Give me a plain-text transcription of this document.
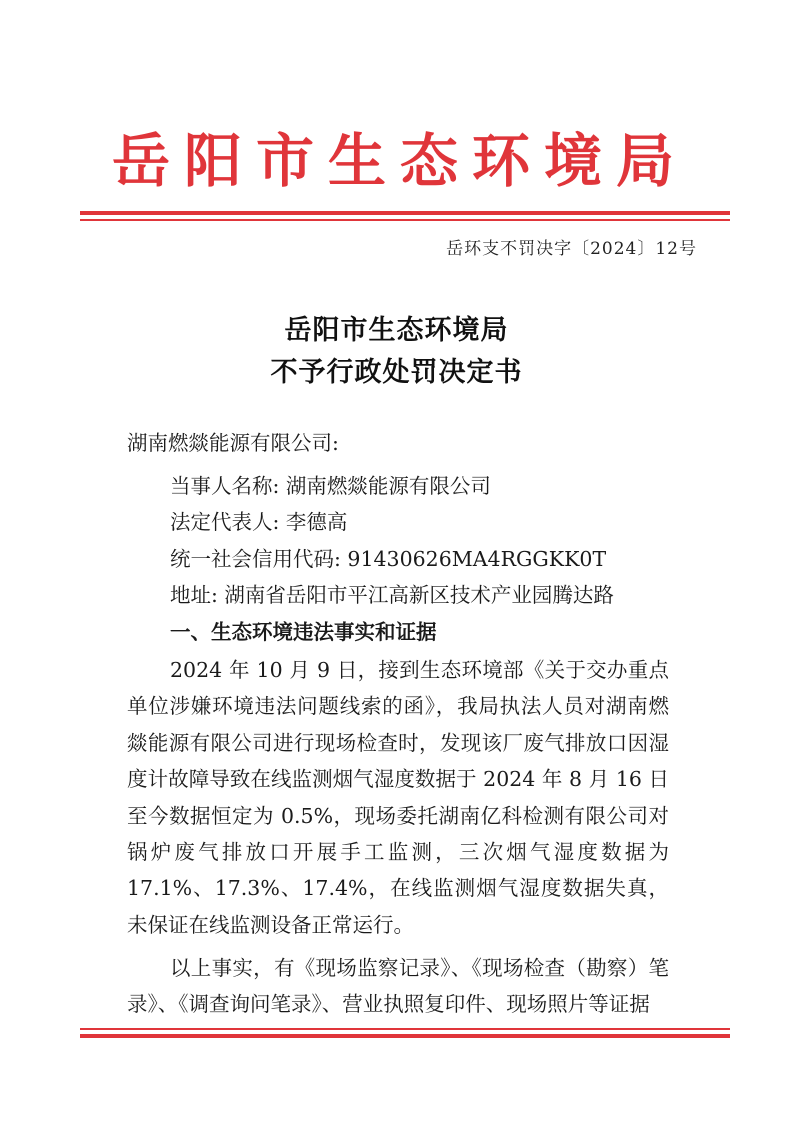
岳阳市生态环境局
岳环支不罚决字〔2024〕12号
岳阳市生态环境局
不予行政处罚决定书
湖南燃燚能源有限公司:
当事人名称: 湖南燃燚能源有限公司
法定代表人: 李德高
统一社会信用代码: 91430626MA4RGGKK0T
地址: 湖南省岳阳市平江高新区技术产业园腾达路
一、生态环境违法事实和证据
2024 年 10 月 9 日，接到生态环境部《关于交办重点单位涉嫌环境违法问题线索的函》，我局执法人员对湖南燃燚能源有限公司进行现场检查时，发现该厂废气排放口因湿度计故障导致在线监测烟气湿度数据于 2024 年 8 月 16 日至今数据恒定为 0.5%，现场委托湖南亿科检测有限公司对锅炉废气排放口开展手工监测，三次烟气湿度数据为 17.1%、17.3%、17.4%，在线监测烟气湿度数据失真，未保证在线监测设备正常运行。
以上事实，有《现场监察记录》、《现场检查（勘察）笔录》、《调查询问笔录》、营业执照复印件、现场照片等证据
